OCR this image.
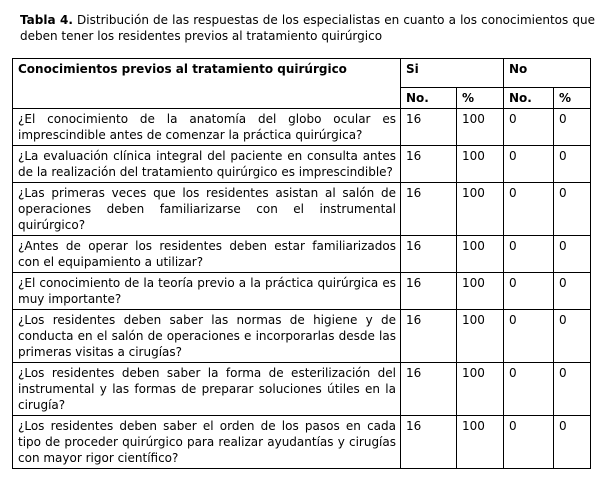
Tabla 4. Distribución de las respuestas de los especialistas en cuanto a los conocimientos que deben tener los residentes previos al tratamiento quirúrgico
Conocimientos previos al tratamiento quirúrgico	Si		No	
	No.	%	No.	%
¿El conocimiento de la anatomía del globo ocular es imprescindible antes de comenzar la práctica quirúrgica?	16	100	0	0
¿La evaluación clínica integral del paciente en consulta antes de la realización del tratamiento quirúrgico es imprescindible?	16	100	0	0
¿Las primeras veces que los residentes asistan al salón de operaciones deben familiarizarse con el instrumental quirúrgico?	16	100	0	0
¿Antes de operar los residentes deben estar familiarizados con el equipamiento a utilizar?	16	100	0	0
¿El conocimiento de la teoría previo a la práctica quirúrgica es muy importante?	16	100	0	0
¿Los residentes deben saber las normas de higiene y de conducta en el salón de operaciones e incorporarlas desde las primeras visitas a cirugías?	16	100	0	0
¿Los residentes deben saber la forma de esterilización del instrumental y las formas de preparar soluciones útiles en la cirugía?	16	100	0	0
¿Los residentes deben saber el orden de los pasos en cada tipo de proceder quirúrgico para realizar ayudantías y cirugías con mayor rigor científico?	16	100	0	0
